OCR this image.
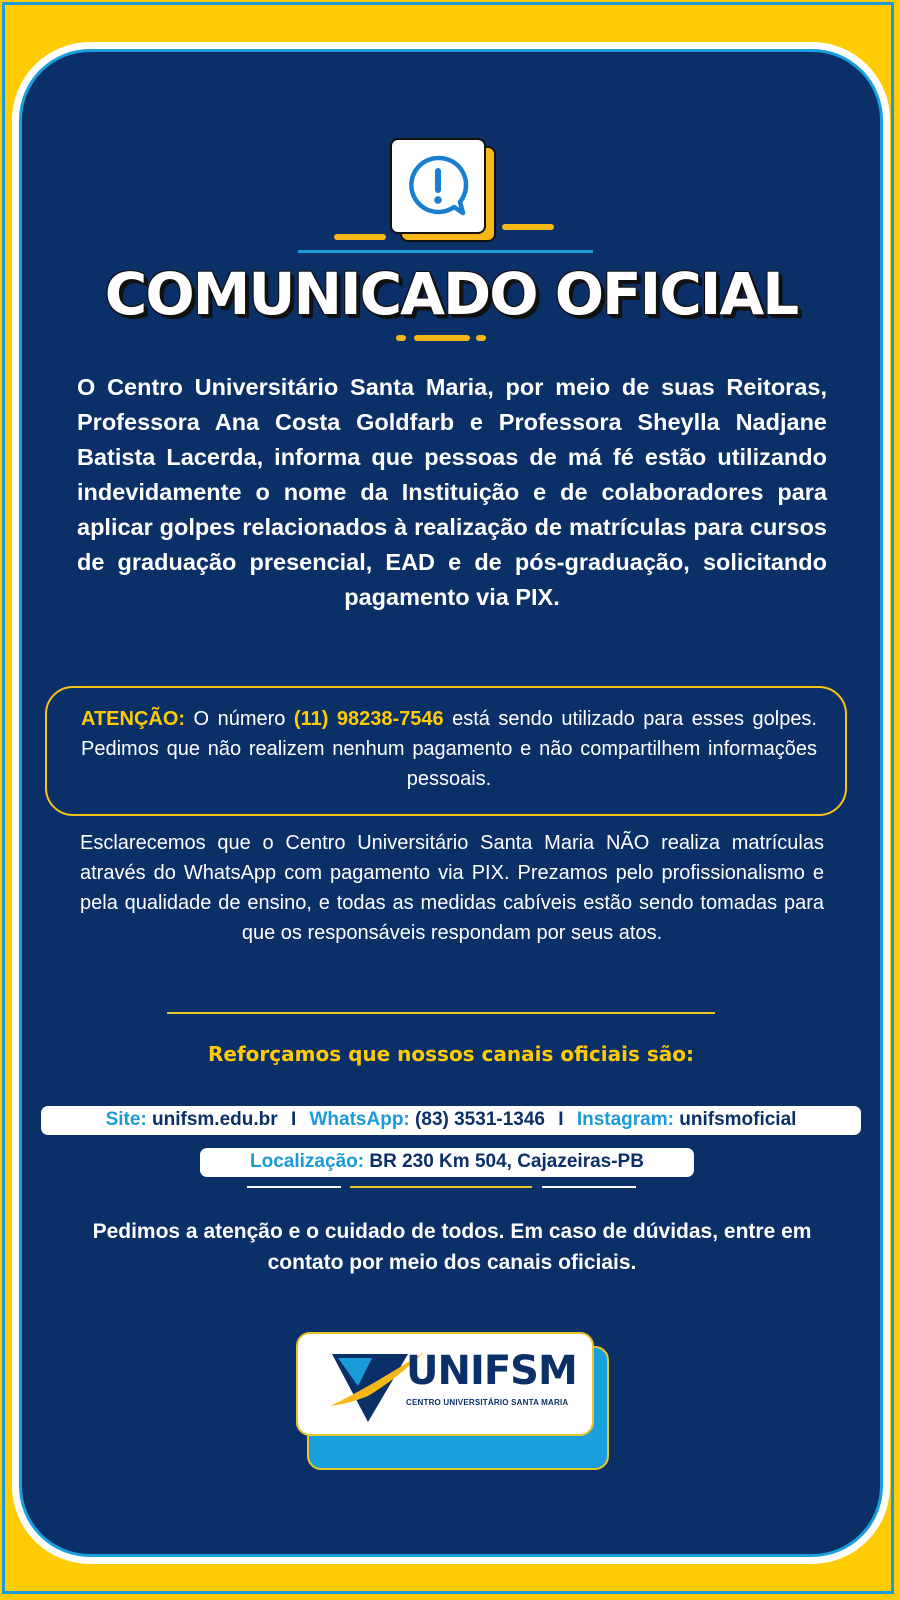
COMUNICADO OFICIAL

O Centro Universitário Santa Maria, por meio de suas Reitoras, Professora Ana Costa Goldfarb e Professora Sheylla Nadjane Batista Lacerda, informa que pessoas de má fé estão utilizando indevidamente o nome da Instituição e de colaboradores para aplicar golpes relacionados à realização de matrículas para cursos de graduação presencial, EAD e de pós-graduação, solicitando pagamento via PIX.

ATENÇÃO: O número (11) 98238-7546 está sendo utilizado para esses golpes. Pedimos que não realizem nenhum pagamento e não compartilhem informações pessoais.

Esclarecemos que o Centro Universitário Santa Maria NÃO realiza matrículas através do WhatsApp com pagamento via PIX. Prezamos pelo profissionalismo e pela qualidade de ensino, e todas as medidas cabíveis estão sendo tomadas para que os responsáveis respondam por seus atos.

Reforçamos que nossos canais oficiais são:
Site: unifsm.edu.br I WhatsApp: (83) 3531-1346 I Instagram: unifsmoficial
Localização: BR 230 Km 504, Cajazeiras-PB

Pedimos a atenção e o cuidado de todos. Em caso de dúvidas, entre em contato por meio dos canais oficiais.

UNIFSM
CENTRO UNIVERSITÁRIO SANTA MARIA
